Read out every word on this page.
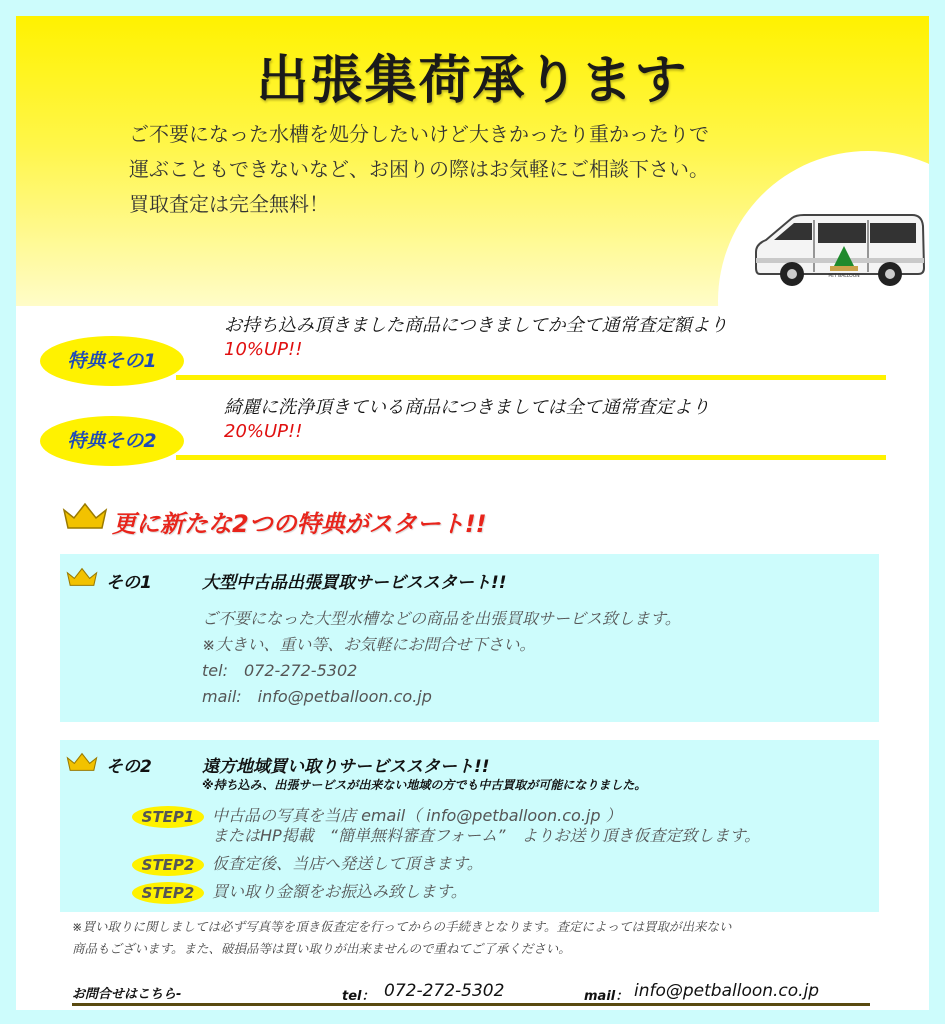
出張集荷承ります
ご不要になった水槽を処分したいけど大きかったり重かったりで
運ぶこともできないなど、お困りの際はお気軽にご相談下さい。
買取査定は完全無料！
PET BALLOON
お持ち込み頂きました商品につきましてか全て通常査定額より
10%UP!!
特典その1
綺麗に洗浄頂きている商品につきましては全て通常査定より
20%UP!!
特典その2
更に新たな2つの特典がスタート!!
その1	大型中古品出張買取サービススタート!!
ご不要になった大型水槽などの商品を出張買取サービス致します。
※大きい、重い等、お気軽にお問合せ下さい。
tel:　072-272-5302
mail:　info@petballoon.co.jp
その2	遠方地域買い取りサービススタート!!
※持ち込み、出張サービスが出来ない地域の方でも中古買取が可能になりました。
STEP1	中古品の写真を当店 email（ info@petballoon.co.jp ）
またはHP掲載　“簡単無料審査フォーム”　よりお送り頂き仮査定致します。
STEP2	仮査定後、当店へ発送して頂きます。
STEP2	買い取り金額をお振込み致します。
※買い取りに関しましては必ず写真等を頂き仮査定を行ってからの手続きとなります。査定によっては買取が出来ない
商品もございます。また、破損品等は買い取りが出来ませんので重ねてご了承ください。
お問合せはこちら-	tel： 072-272-5302	mail： info@petballoon.co.jp
